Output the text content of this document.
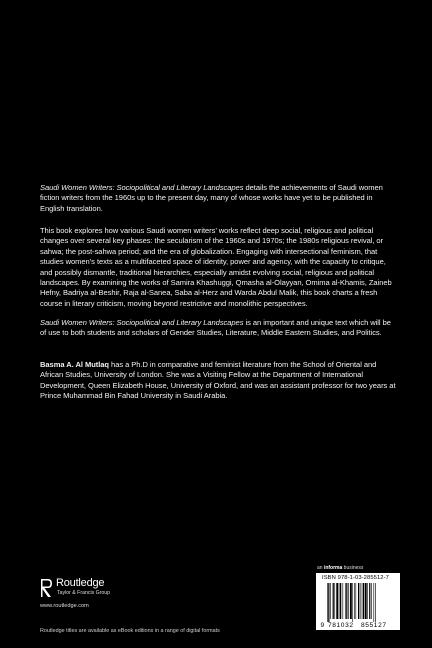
Saudi Women Writers: Sociopolitical and Literary Landscapes details the achievements of Saudi women fiction writers from the 1960s up to the present day, many of whose works have yet to be published in English translation.

This book explores how various Saudi women writers’ works reflect deep social, religious and political changes over several key phases: the secularism of the 1960s and 1970s; the 1980s religious revival, or sahwa; the post-sahwa period; and the era of globalization. Engaging with intersectional feminism, that studies women’s texts as a multifaceted space of identity, power and agency, with the capacity to critique, and possibly dismantle, traditional hierarchies, especially amidst evolving social, religious and political landscapes. By examining the works of Samira Khashuggi, Qmasha al-Olayyan, Omima al-Khamis, Zaineb Hefny, Badriya al-Beshir, Raja al-Sanea, Saba al-Herz and Warda Abdul Malik, this book charts a fresh course in literary criticism, moving beyond restrictive and monolithic perspectives.

Saudi Women Writers: Sociopolitical and Literary Landscapes is an important and unique text which will be of use to both students and scholars of Gender Studies, Literature, Middle Eastern Studies, and Politics.

Basma A. Al Mutlaq has a Ph.D in comparative and feminist literature from the School of Oriental and African Studies, University of London. She was a Visiting Fellow at the Department of International Development, Queen Elizabeth House, University of Oxford, and was an assistant professor for two years at Prince Muhammad Bin Fahad University in Saudi Arabia.

an informa business
Routledge
Taylor & Francis Group
www.routledge.com
ISBN 978-1-03-285512-7
9 781032 855127
Routledge titles are available as eBook editions in a range of digital formats
